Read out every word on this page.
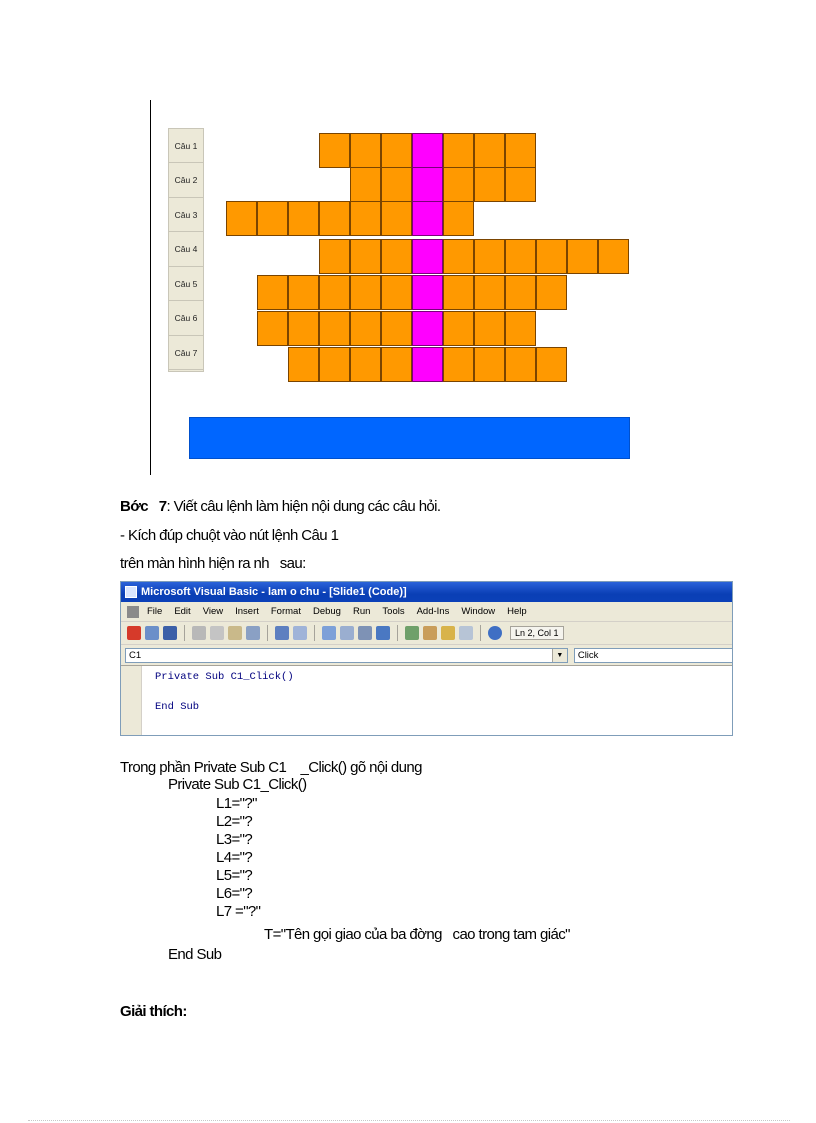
Câu 1
Câu 2
Câu 3
Câu 4
Câu 5
Câu 6
Câu 7
Bớc   7: Viết câu lệnh làm hiện nội dung các câu hỏi.
- Kích đúp chuột vào nút lệnh Câu 1
trên màn hình hiện ra nh   sau:
Microsoft Visual Basic - lam o chu - [Slide1 (Code)]
File Edit View Insert Format Debug Run Tools Add-Ins Window Help
Ln 2, Col 1
C1	▼	Click
Private Sub C1_Click()
End Sub
Trong phần Private Sub C1    _Click() gõ nội dung
Private Sub C1_Click()
L1="?"
L2="?
L3="?
L4="?
L5="?
L6="?
L7 ="?"
T="Tên gọi giao của ba đờng   cao trong tam giác"
End Sub
Giải thích:
